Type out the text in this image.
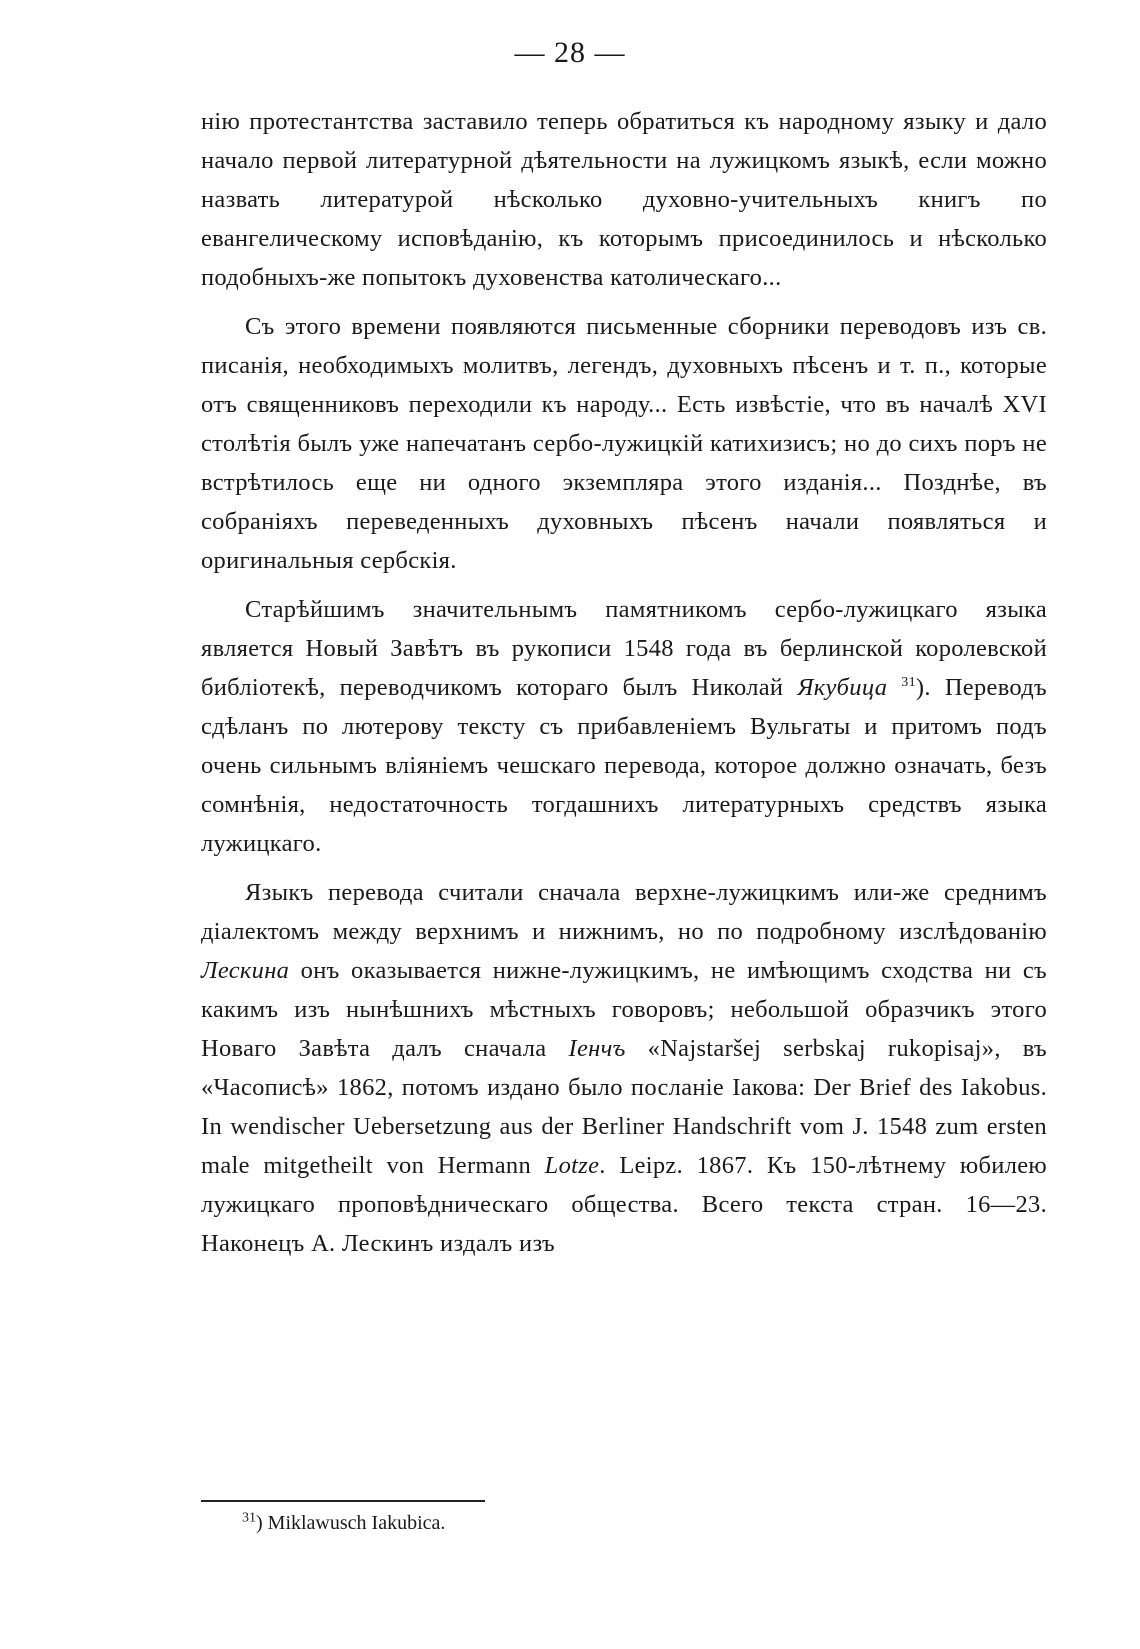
— 28 —

нію протестантства заставило теперь обратиться къ народному языку и дало начало первой литературной дѣятельности на лужицкомъ языкѣ, если можно назвать литературой нѣсколько духовно-учительныхъ книгъ по евангелическому исповѣданію, къ которымъ присоединилось и нѣсколько подобныхъ-же попытокъ духовенства католическаго...

Съ этого времени появляются письменные сборники переводовъ изъ св. писанія, необходимыхъ молитвъ, легендъ, духовныхъ пѣсенъ и т. п., которые отъ священниковъ переходили къ народу... Есть извѣстіе, что въ началѣ XVI столѣтія былъ уже напечатанъ сербо-лужицкій катихизисъ; но до сихъ поръ не встрѣтилось еще ни одного экземпляра этого изданія... Позднѣе, въ собраніяхъ переведенныхъ духовныхъ пѣсенъ начали появляться и оригинальныя сербскія.

Старѣйшимъ значительнымъ памятникомъ сербо-лужицкаго языка является Новый Завѣтъ въ рукописи 1548 года въ берлинской королевской библіотекѣ, переводчикомъ котораго былъ Николай Якубица $^{31}$). Переводъ сдѣланъ по лютерову тексту съ прибавленіемъ Вульгаты и притомъ подъ очень сильнымъ вліяніемъ чешскаго перевода, которое должно означать, безъ сомнѣнія, недостаточность тогдашнихъ литературныхъ средствъ языка лужицкаго.

Языкъ перевода считали сначала верхне-лужицкимъ или-же среднимъ діалектомъ между верхнимъ и нижнимъ, но по подробному изслѣдованію Лескина онъ оказывается нижне-лужицкимъ, не имѣющимъ сходства ни съ какимъ изъ нынѣшнихъ мѣстныхъ говоровъ; небольшой образчикъ этого Новаго Завѣта далъ сначала Іенчъ «Najstaršej serbskaj rukopisaj», въ «Часописѣ» 1862, потомъ издано было посланіе Іакова: Der Brief des Iakobus. In wendischer Uebersetzung aus der Berliner Handschrift vom J. 1548 zum ersten male mitgetheilt von Hermann Lotze. Leipz. 1867. Къ 150-лѣтнему юбилею лужицкаго проповѣдническаго общества. Всего текста стран. 16—23. Наконецъ А. Лескинъ издалъ изъ

$^{31}$) Miklawusch Iakubica.
